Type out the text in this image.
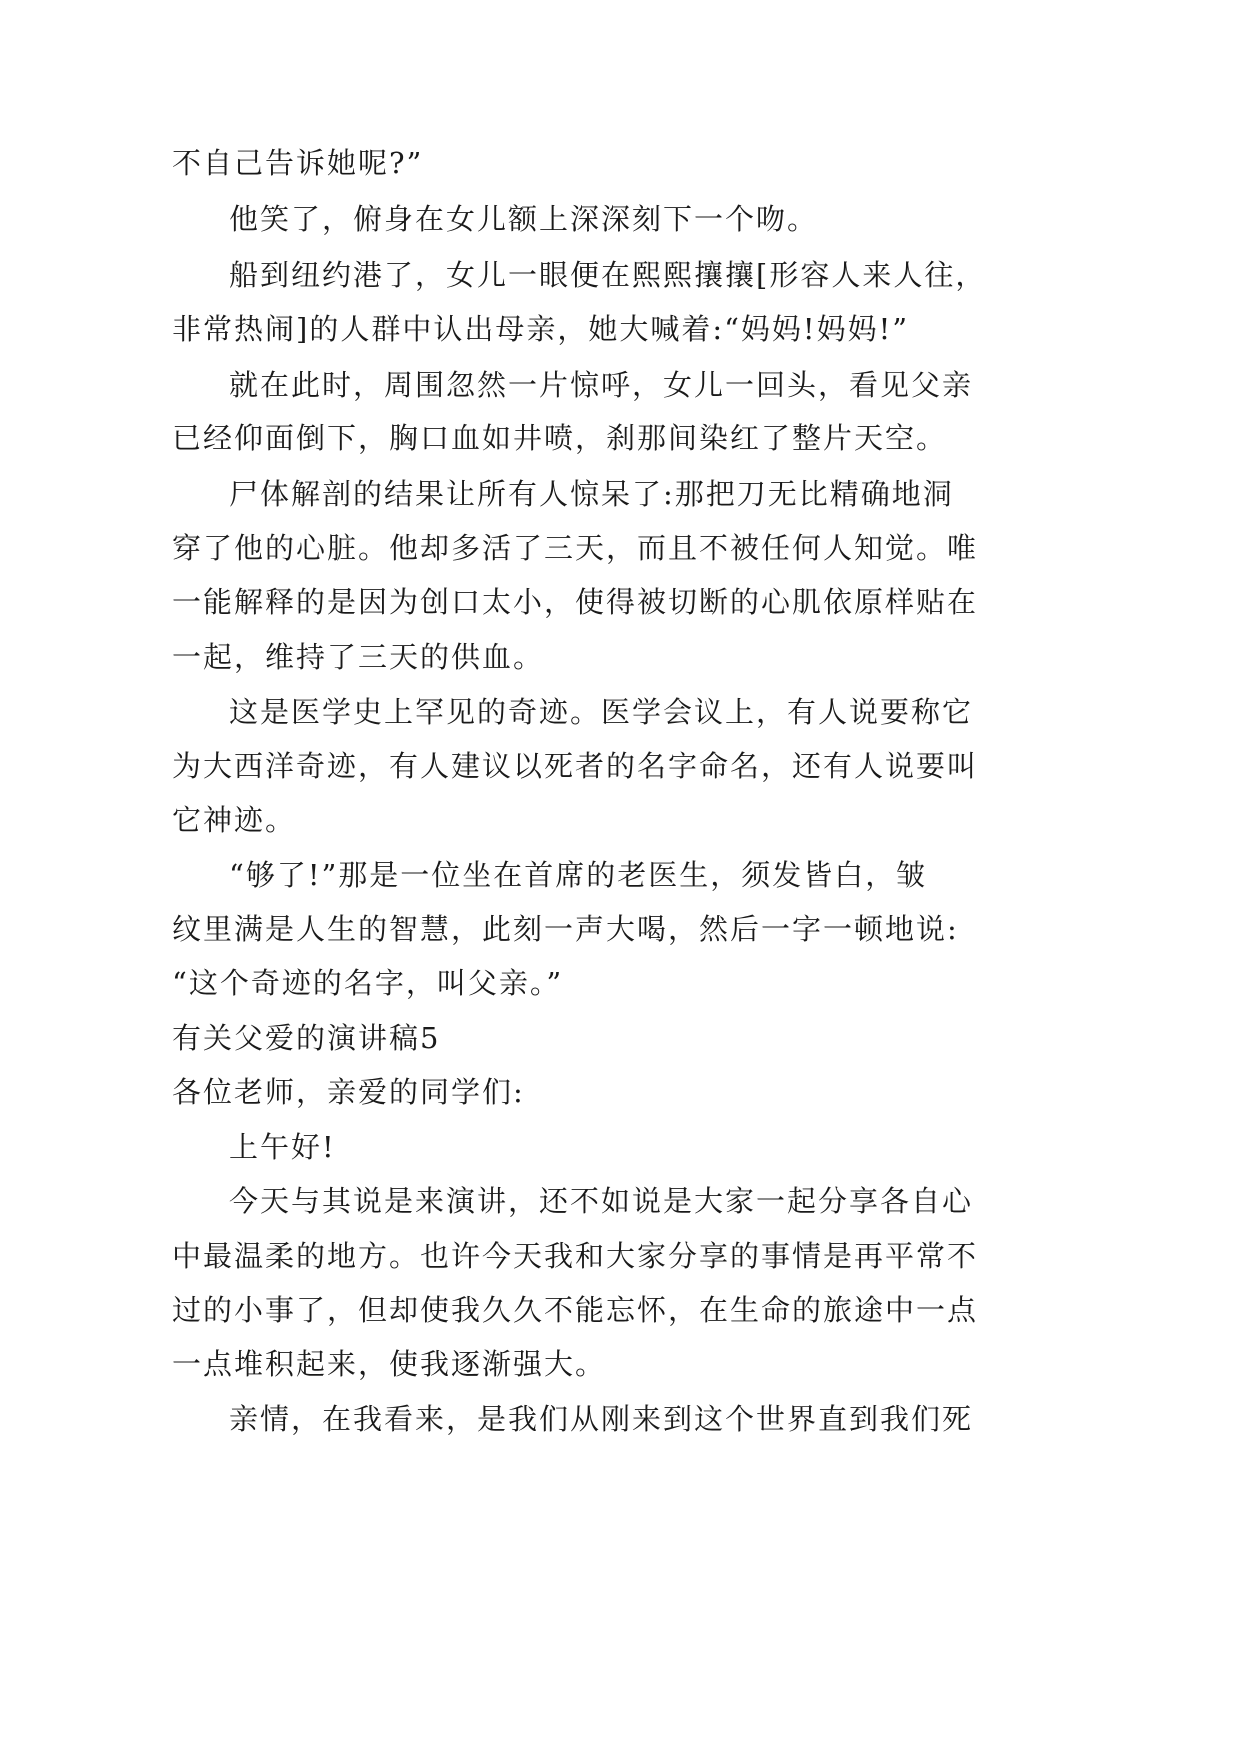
不自己告诉她呢?”
他笑了，俯身在女儿额上深深刻下一个吻。
船到纽约港了，女儿一眼便在熙熙攘攘[形容人来人往，
非常热闹]的人群中认出母亲，她大喊着:“妈妈!妈妈!”
就在此时，周围忽然一片惊呼，女儿一回头，看见父亲
已经仰面倒下，胸口血如井喷，刹那间染红了整片天空。
尸体解剖的结果让所有人惊呆了:那把刀无比精确地洞
穿了他的心脏。他却多活了三天，而且不被任何人知觉。唯
一能解释的是因为创口太小，使得被切断的心肌依原样贴在
一起，维持了三天的供血。
这是医学史上罕见的奇迹。医学会议上，有人说要称它
为大西洋奇迹，有人建议以死者的名字命名，还有人说要叫
它神迹。
“够了!”那是一位坐在首席的老医生，须发皆白，皱
纹里满是人生的智慧，此刻一声大喝，然后一字一顿地说:
“这个奇迹的名字，叫父亲。”
有关父爱的演讲稿5
各位老师，亲爱的同学们:
上午好!
今天与其说是来演讲，还不如说是大家一起分享各自心
中最温柔的地方。也许今天我和大家分享的事情是再平常不
过的小事了，但却使我久久不能忘怀，在生命的旅途中一点
一点堆积起来，使我逐渐强大。
亲情，在我看来，是我们从刚来到这个世界直到我们死
